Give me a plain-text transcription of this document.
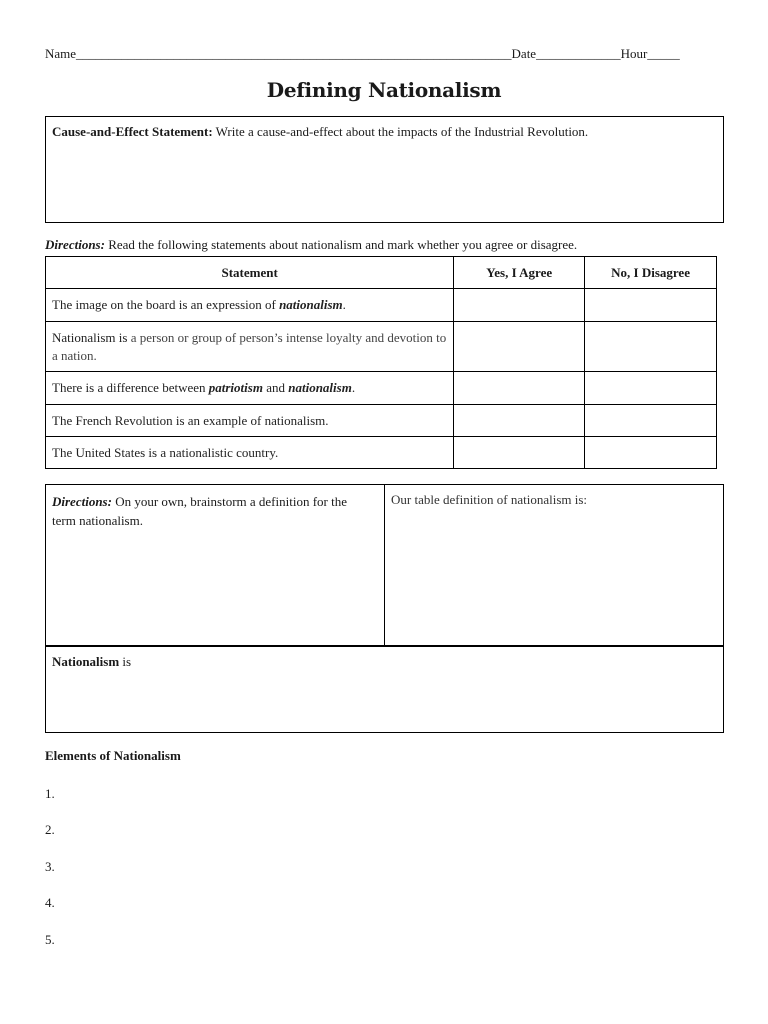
Name___________________________________________________________________Date_____________Hour_____
Defining Nationalism
Cause-and-Effect Statement: Write a cause-and-effect about the impacts of the Industrial Revolution.
Directions: Read the following statements about nationalism and mark whether you agree or disagree.
Statement	Yes, I Agree	No, I Disagree
The image on the board is an expression of nationalism.		
Nationalism is a person or group of person’s intense loyalty and devotion to a nation.		
There is a difference between patriotism and nationalism.		
The French Revolution is an example of nationalism.		
The United States is a nationalistic country.		
Directions: On your own, brainstorm a definition for the term nationalism.
Our table definition of nationalism is:
Nationalism is
Elements of Nationalism
1.
2.
3.
4.
5.
